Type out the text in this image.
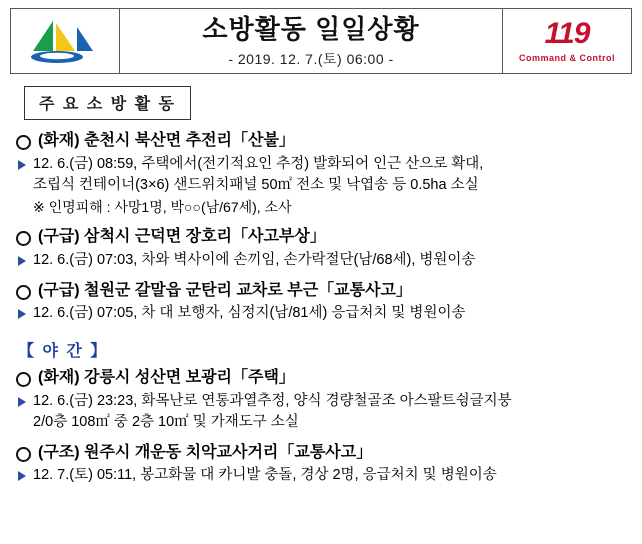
소방활동 일일상황
- 2019. 12. 7.(토) 06:00 -
119
Command & Control
주 요 소 방 활 동
(화재) 춘천시 북산면 추전리「산불」
12. 6.(금) 08:59, 주택에서(전기적요인 추정) 발화되어 인근 산으로 확대,
조립식 컨테이너(3×6) 샌드위치패널 50㎡ 전소 및 낙엽송 등 0.5ha 소실
※ 인명피해 : 사망1명, 박○○(남/67세), 소사
(구급) 삼척시 근덕면 장호리「사고부상」
12. 6.(금) 07:03, 차와 벽사이에 손끼임, 손가락절단(남/68세), 병원이송
(구급) 철원군 갈말읍 군탄리 교차로 부근「교통사고」
12. 6.(금) 07:05, 차 대 보행자, 심정지(남/81세) 응급처치 및 병원이송
【 야 간 】
(화재) 강릉시 성산면 보광리「주택」
12. 6.(금) 23:23, 화목난로 연통과열추정, 양식 경량철골조 아스팔트슁글지붕
2/0층 108㎡ 중 2층 10㎡ 및 가재도구 소실
(구조) 원주시 개운동 치악교사거리「교통사고」
12. 7.(토) 05:11, 봉고화물 대 카니발 충돌, 경상 2명, 응급처치 및 병원이송
